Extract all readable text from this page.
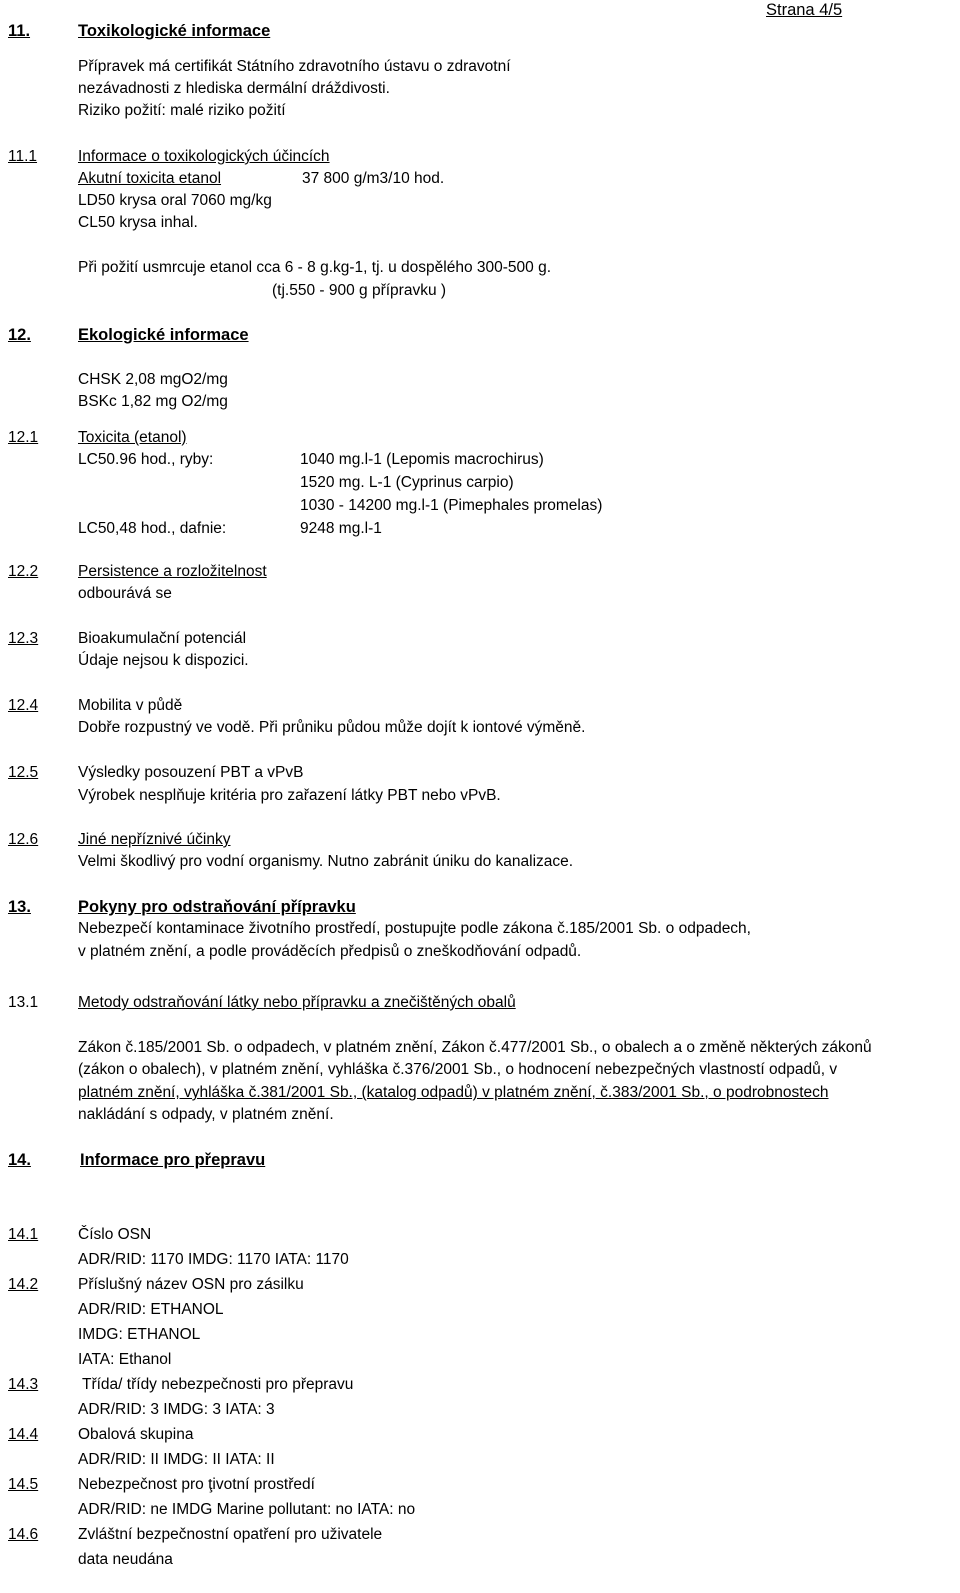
Strana 4/5
11.	Toxikologické informace
Přípravek má certifikát Státního zdravotního ústavu o zdravotní
nezávadnosti z hlediska dermální dráždivosti.
Riziko požití: malé riziko požití
11.1	Informace o toxikologických účincích
Akutní toxicita etanol	37 800 g/m3/10 hod.
LD50 krysa oral 7060 mg/kg
CL50 krysa inhal.
Při požití usmrcuje etanol cca 6 - 8 g.kg-1, tj. u dospělého 300-500 g.
(tj.550 - 900 g přípravku )
12.	Ekologické informace
CHSK 2,08 mgO2/mg
BSKc 1,82 mg O2/mg
12.1	Toxicita (etanol)
LC50.96 hod., ryby:	1040 mg.l-1 (Lepomis macrochirus)
1520 mg. L-1 (Cyprinus carpio)
1030 - 14200 mg.l-1 (Pimephales promelas)
LC50,48 hod., dafnie:	9248 mg.l-1
12.2	Persistence a rozložitelnost
odbourává se
12.3	Bioakumulační potenciál
Údaje nejsou k dispozici.
12.4	Mobilita v půdě
Dobře rozpustný ve vodě. Při průniku půdou může dojít k iontové výměně.
12.5	Výsledky posouzení PBT a vPvB
Výrobek nesplňuje kritéria pro zařazení látky PBT nebo vPvB.
12.6	Jiné nepříznivé účinky
Velmi škodlivý pro vodní organismy. Nutno zabránit úniku do kanalizace.
13.	Pokyny pro odstraňování přípravku
Nebezpečí kontaminace životního prostředí, postupujte podle zákona č.185/2001 Sb. o odpadech,
v platném znění, a podle prováděcích předpisů o zneškodňování odpadů.
13.1	Metody odstraňování látky nebo přípravku a znečištěných obalů
Zákon č.185/2001 Sb. o odpadech, v platném znění, Zákon č.477/2001 Sb., o obalech a o změně některých zákonů
(zákon o obalech), v platném znění, vyhláška č.376/2001 Sb., o hodnocení nebezpečných vlastností odpadů, v
platném znění, vyhláška č.381/2001 Sb., (katalog odpadů) v platném znění, č.383/2001 Sb., o podrobnostech
nakládání s odpady, v platném znění.
14.	Informace pro přepravu
14.1	Číslo OSN
ADR/RID: 1170 IMDG: 1170 IATA: 1170
14.2	Příslušný název OSN pro zásilku
ADR/RID: ETHANOL
IMDG: ETHANOL
IATA: Ethanol
14.3	Třída/ třídy nebezpečnosti pro přepravu
ADR/RID: 3 IMDG: 3 IATA: 3
14.4	Obalová skupina
ADR/RID: II IMDG: II IATA: II
14.5	Nebezpečnost pro ţivotní prostředí
ADR/RID: ne IMDG Marine pollutant: no IATA: no
14.6	Zvláštní bezpečnostní opatření pro uživatele
data neudána
